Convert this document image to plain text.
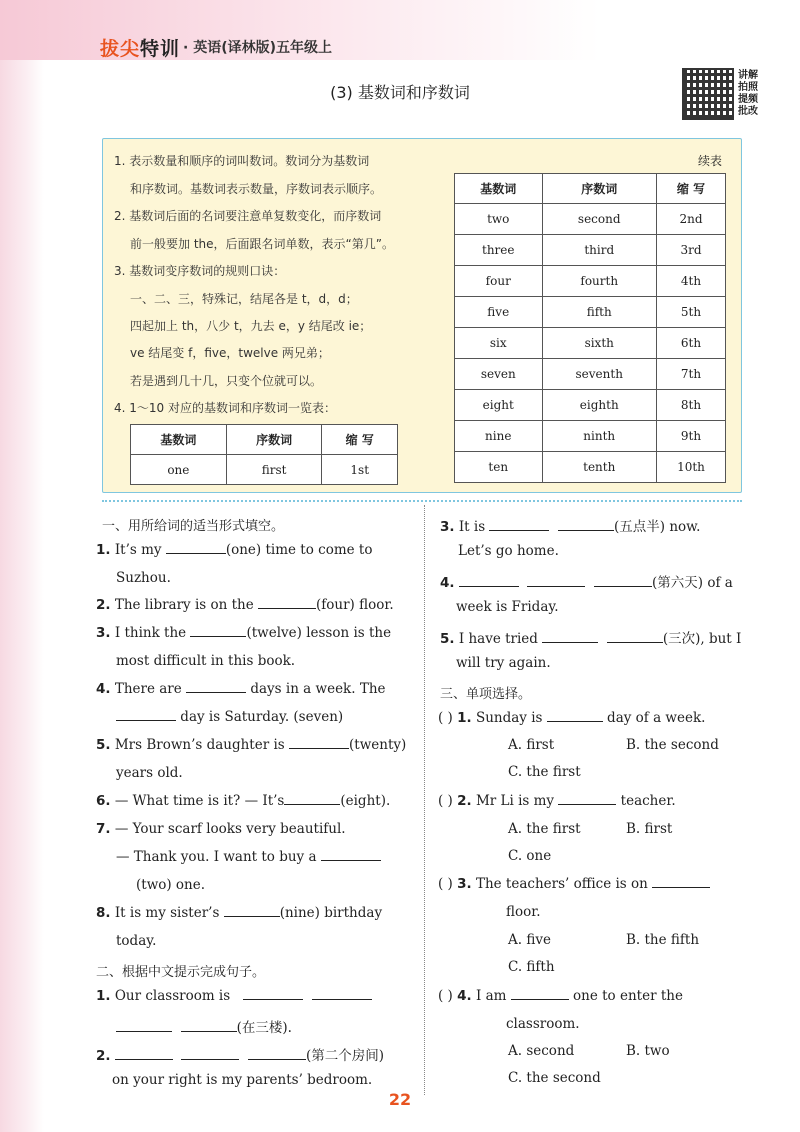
拔尖特训 · 英语(译林版)五年级上
(3) 基数词和序数词
讲解 拍照 提频 批改
1. 表示数量和顺序的词叫数词。数词分为基数词
和序数词。基数词表示数量，序数词表示顺序。
2. 基数词后面的名词要注意单复数变化，而序数词
前一般要加 the，后面跟名词单数，表示“第几”。
3. 基数词变序数词的规则口诀：
一、二、三，特殊记，结尾各是 t，d，d；
四起加上 th，八少 t，九去 e，y 结尾改 ie；
ve 结尾变 f，five，twelve 两兄弟；
若是遇到几十几，只变个位就可以。
4. 1～10 对应的基数词和序数词一览表：
续表
基数词	序数词	缩 写
one	first	1st
基数词	序数词	缩 写
two	second	2nd
three	third	3rd
four	fourth	4th
five	fifth	5th
six	sixth	6th
seven	seventh	7th
eight	eighth	8th
nine	ninth	9th
ten	tenth	10th
一、用所给词的适当形式填空。
1. It’s my	(one) time to come to
Suzhou.
2. The library is on the	(four) floor.
3. I think the	(twelve) lesson is the
most difficult in this book.
4. There are	days in a week. The
day is Saturday. (seven)
5. Mrs Brown’s daughter is	(twenty)
years old.
6. — What time is it? — It’s	(eight).
7. — Your scarf looks very beautiful.
— Thank you. I want to buy a
(two) one.
8. It is my sister’s	(nine) birthday
today.
二、根据中文提示完成句子。
1. Our classroom is
(在三楼).
2.	(第二个房间)
on your right is my parents’ bedroom.
3. It is	(五点半) now.
Let’s go home.
4.	(第六天) of a
week is Friday.
5. I have tried	(三次), but I
will try again.
三、单项选择。
( ) 1. Sunday is	day of a week.
A. first	B. the second
C. the first
( ) 2. Mr Li is my	teacher.
A. the first	B. first
C. one
( ) 3. The teachers’ office is on
floor.
A. five	B. the fifth
C. fifth
( ) 4. I am	one to enter the
classroom.
A. second	B. two
C. the second
22
